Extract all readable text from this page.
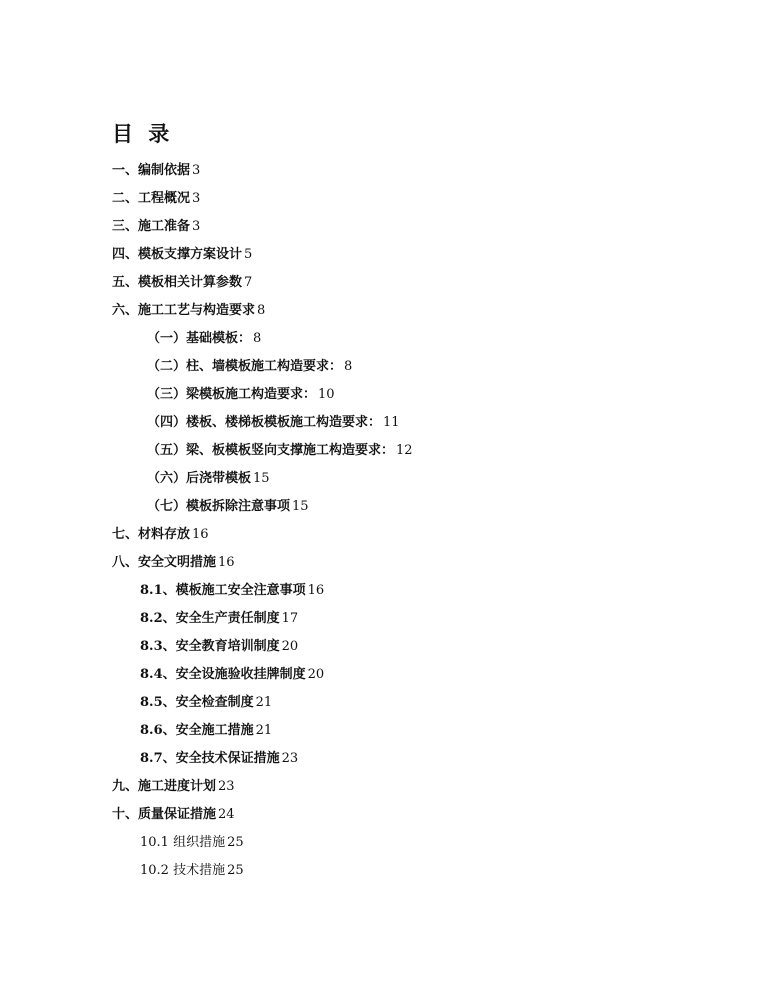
目 录
一、编制依据 3
二、工程概况 3
三、施工准备 3
四、模板支撑方案设计 5
五、模板相关计算参数 7
六、施工工艺与构造要求 8
（一）基础模板： 8
（二）柱、墙模板施工构造要求： 8
（三）梁模板施工构造要求： 10
（四）楼板、楼梯板模板施工构造要求： 11
（五）梁、板模板竖向支撑施工构造要求： 12
（六）后浇带模板 15
（七）模板拆除注意事项 15
七、材料存放 16
八、安全文明措施 16
8.1、模板施工安全注意事项 16
8.2、安全生产责任制度 17
8.3、安全教育培训制度 20
8.4、安全设施验收挂牌制度 20
8.5、安全检查制度 21
8.6、安全施工措施 21
8.7、安全技术保证措施 23
九、施工进度计划 23
十、质量保证措施 24
10.1 组织措施 25
10.2 技术措施 25
